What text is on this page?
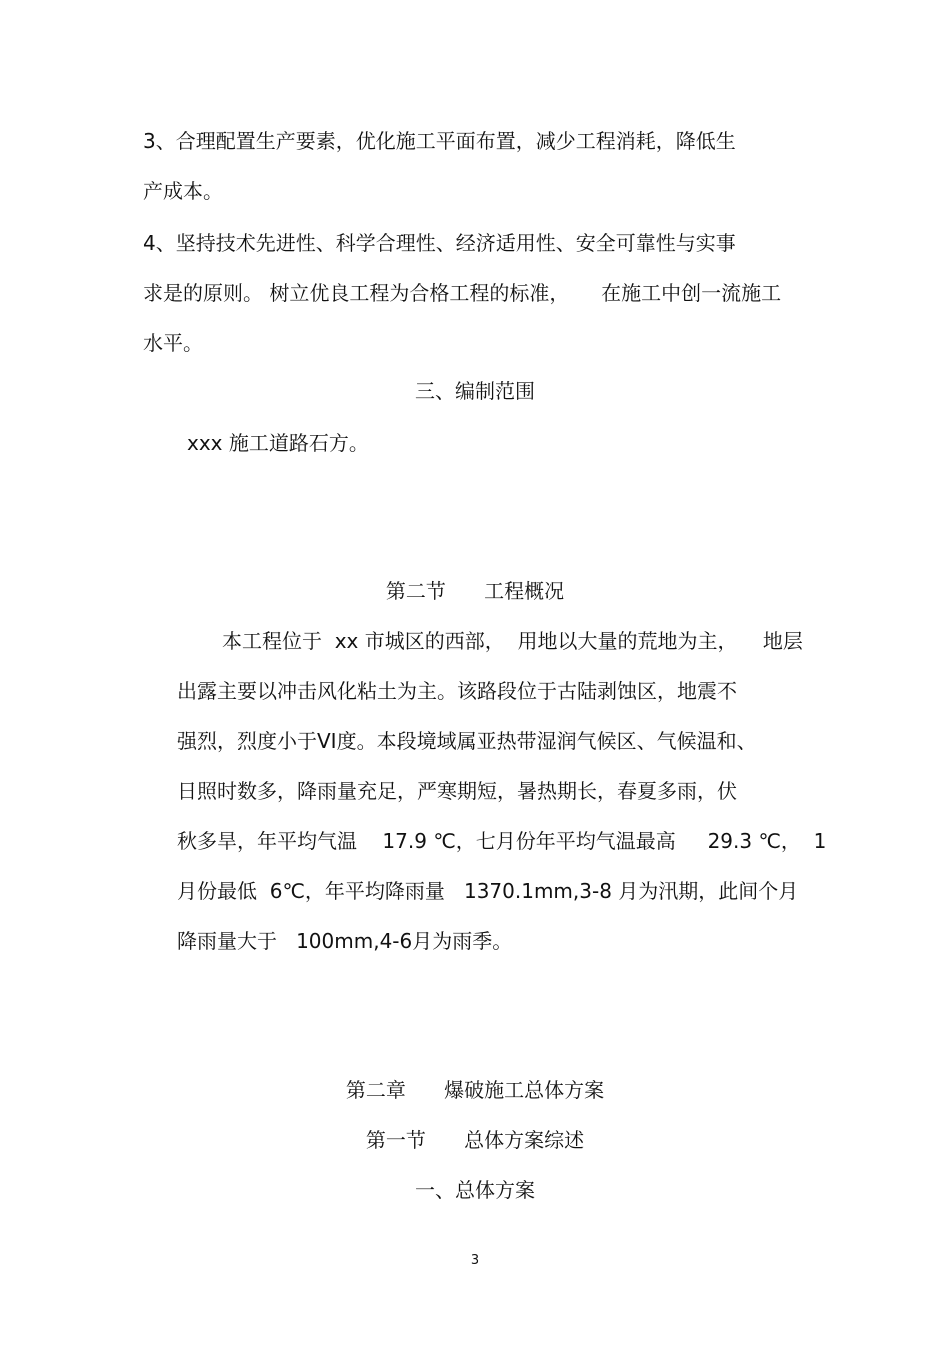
3、合理配置生产要素，优化施工平面布置，减少工程消耗，降低生

产成本。

4、坚持技术先进性、科学合理性、经济适用性、安全可靠性与实事

求是的原则。 树立优良工程为合格工程的标准，     在施工中创一流施工

水平。

三、编制范围

xxx 施工道路石方。

第二节      工程概况

本工程位于  xx 市城区的西部，  用地以大量的荒地为主，    地层

出露主要以冲击风化粘土为主。该路段位于古陆剥蚀区，地震不

强烈，烈度小于VI度。本段境域属亚热带湿润气候区、气候温和、

日照时数多，降雨量充足，严寒期短，暑热期长，春夏多雨，伏

秋多旱，年平均气温    17.9 ℃，七月份年平均气温最高     29.3 ℃，  1

月份最低  6℃，年平均降雨量   1370.1mm,3-8 月为汛期，此间个月

降雨量大于   100mm,4-6月为雨季。

第二章      爆破施工总体方案

第一节      总体方案综述

一、总体方案

3
